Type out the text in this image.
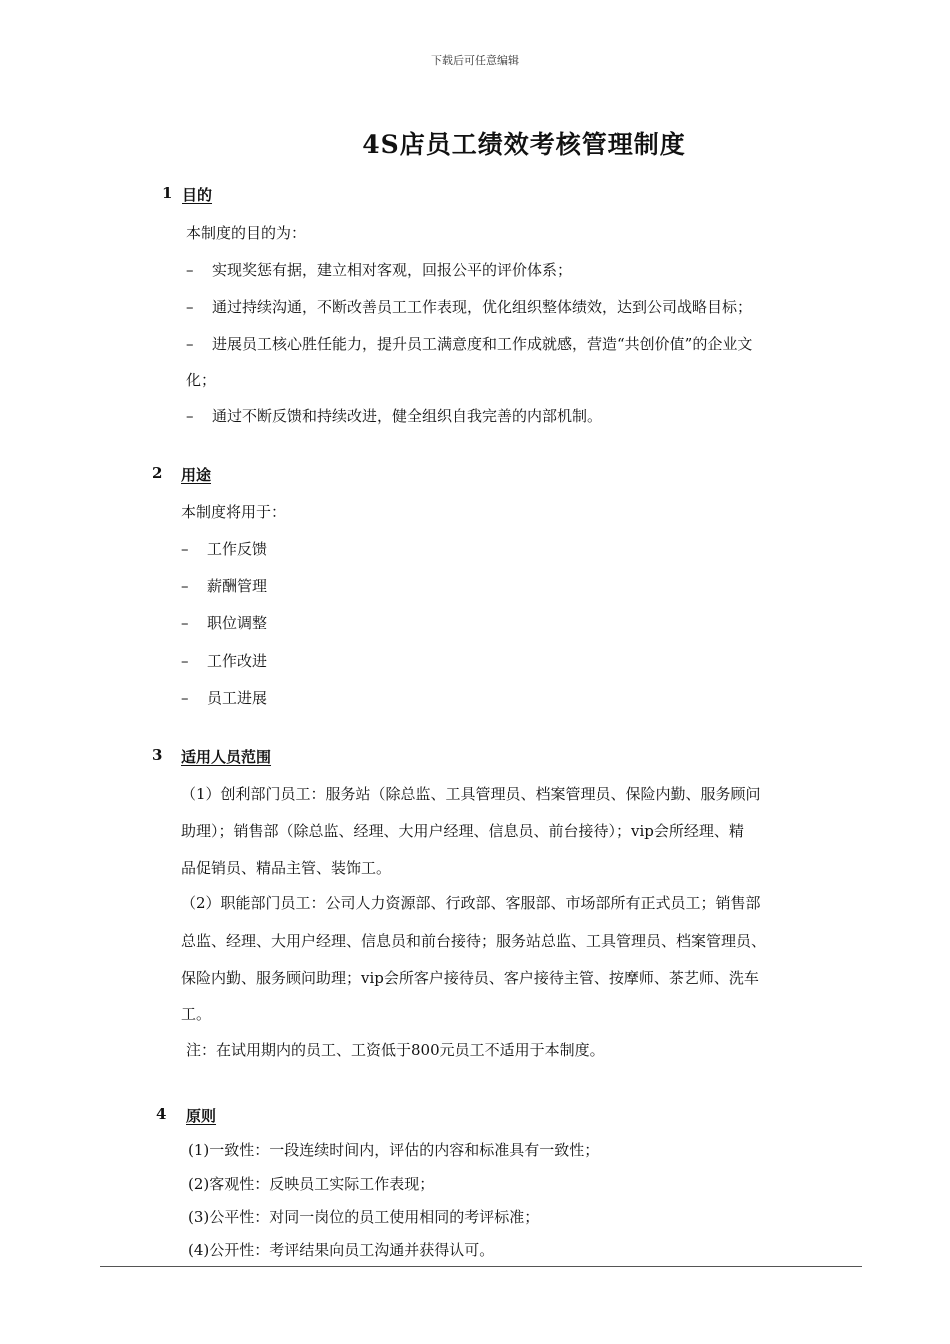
下载后可任意编辑
4S店员工绩效考核管理制度
1 目的
本制度的目的为：
– 实现奖惩有据，建立相对客观，回报公平的评价体系；
– 通过持续沟通，不断改善员工工作表现，优化组织整体绩效，达到公司战略目标；
– 进展员工核心胜任能力，提升员工满意度和工作成就感，营造“共创价值”的企业文
化；
– 通过不断反馈和持续改进，健全组织自我完善的内部机制。
2 用途
本制度将用于：
– 工作反馈
– 薪酬管理
– 职位调整
– 工作改进
– 员工进展
3 适用人员范围
（1）创利部门员工：服务站（除总监、工具管理员、档案管理员、保险内勤、服务顾问
助理）；销售部（除总监、经理、大用户经理、信息员、前台接待）；vip会所经理、精
品促销员、精品主管、装饰工。
（2）职能部门员工：公司人力资源部、行政部、客服部、市场部所有正式员工；销售部
总监、经理、大用户经理、信息员和前台接待；服务站总监、工具管理员、档案管理员、
保险内勤、服务顾问助理；vip会所客户接待员、客户接待主管、按摩师、茶艺师、洗车
工。
注：在试用期内的员工、工资低于800元员工不适用于本制度。
4 原则
(1)一致性：一段连续时间内，评估的内容和标准具有一致性；
(2)客观性：反映员工实际工作表现；
(3)公平性：对同一岗位的员工使用相同的考评标准；
(4)公开性：考评结果向员工沟通并获得认可。
